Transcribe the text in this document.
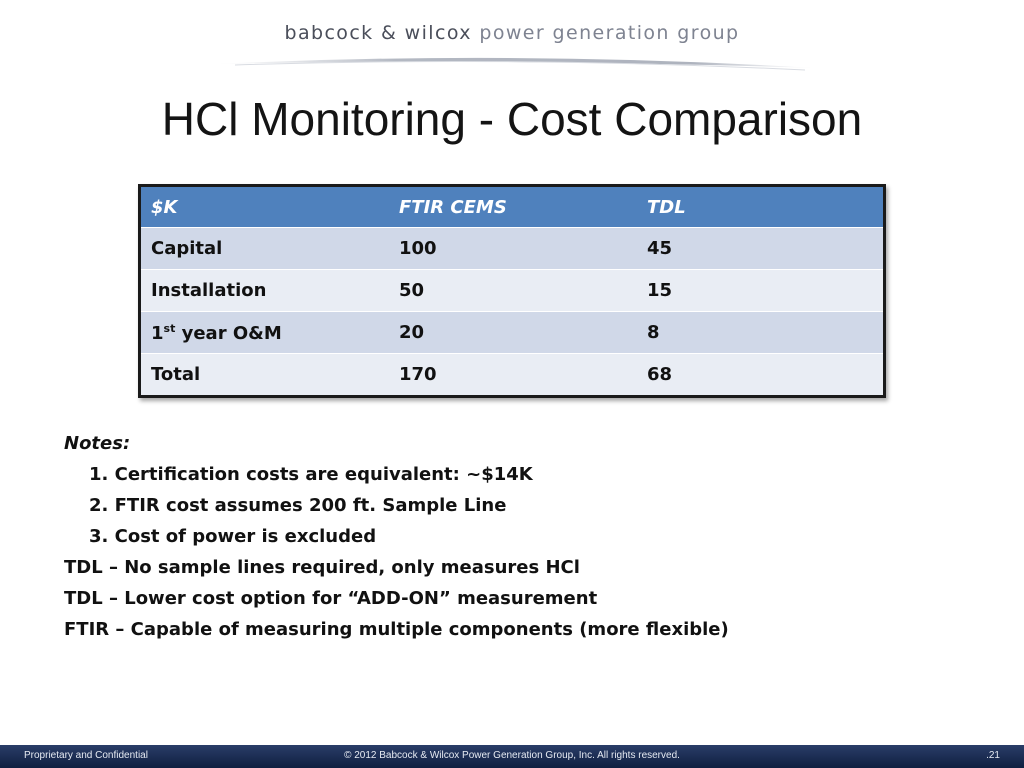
babcock & wilcox power generation group
HCl Monitoring - Cost Comparison
$K	FTIR CEMS	TDL
Capital	100	45
Installation	50	15
1st year O&M	20	8
Total	170	68
Notes:
1. Certification costs are equivalent: ~$14K
2. FTIR cost assumes 200 ft. Sample Line
3. Cost of power is excluded
TDL – No sample lines required, only measures HCl
TDL – Lower cost option for “ADD-ON” measurement
FTIR – Capable of measuring multiple components (more flexible)
Proprietary and Confidential	© 2012 Babcock & Wilcox Power Generation Group, Inc. All rights reserved.	.21
